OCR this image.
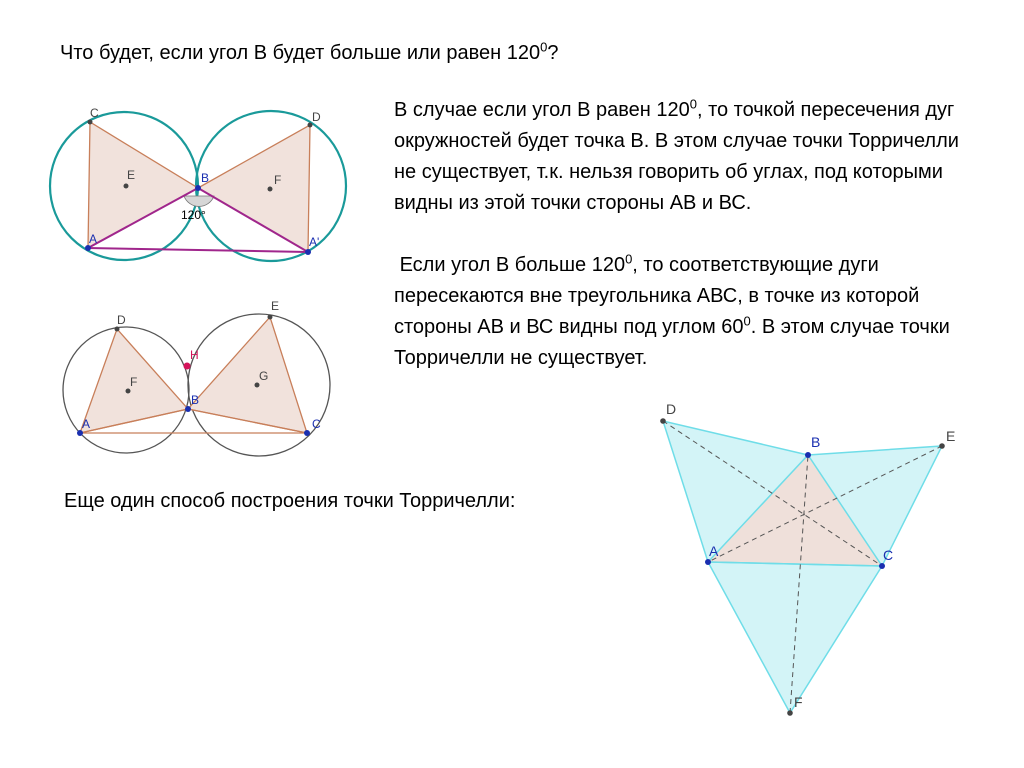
Что будет, если угол В будет больше или равен $120^0$?
В случае если угол В равен $120^0$, то точкой пересечения дуг окружностей будет точка В. В этом случае точки Торричелли не существует, т.к. нельзя говорить об углах, под которыми видны из этой точки стороны АВ и ВС.
Если угол В больше $120^0$, то соответствующие дуги пересекаются вне треугольника АВС, в точке из которой стороны АВ и ВС видны под углом $60^0$. В этом случае точки Торричелли не существует.
Еще один способ построения точки Торричелли:
C	D
E	F
B
A	A'
120°
D
E
F	G
H
B
A	C
D
E
F
B
A	C
